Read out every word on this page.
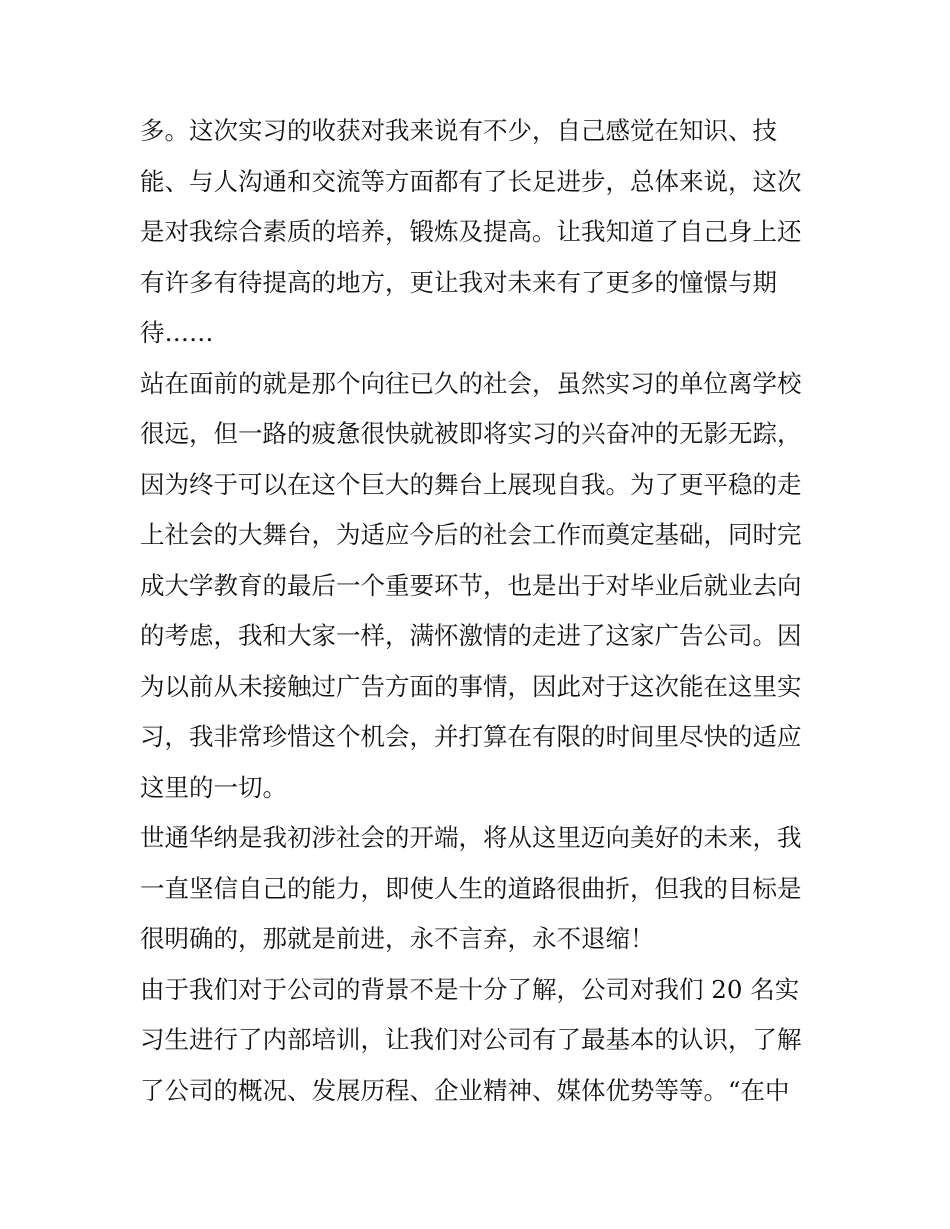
多。这次实习的收获对我来说有不少，自己感觉在知识、技
能、与人沟通和交流等方面都有了长足进步，总体来说，这次
是对我综合素质的培养，锻炼及提高。让我知道了自己身上还
有许多有待提高的地方，更让我对未来有了更多的憧憬与期
待……
站在面前的就是那个向往已久的社会，虽然实习的单位离学校
很远，但一路的疲惫很快就被即将实习的兴奋冲的无影无踪，
因为终于可以在这个巨大的舞台上展现自我。为了更平稳的走
上社会的大舞台，为适应今后的社会工作而奠定基础，同时完
成大学教育的最后一个重要环节，也是出于对毕业后就业去向
的考虑，我和大家一样，满怀激情的走进了这家广告公司。因
为以前从未接触过广告方面的事情，因此对于这次能在这里实
习，我非常珍惜这个机会，并打算在有限的时间里尽快的适应
这里的一切。
世通华纳是我初涉社会的开端，将从这里迈向美好的未来，我
一直坚信自己的能力，即使人生的道路很曲折，但我的目标是
很明确的，那就是前进，永不言弃，永不退缩！
由于我们对于公司的背景不是十分了解，公司对我们 20 名实
习生进行了内部培训，让我们对公司有了最基本的认识，了解
了公司的概况、发展历程、企业精神、媒体优势等等。“在中
